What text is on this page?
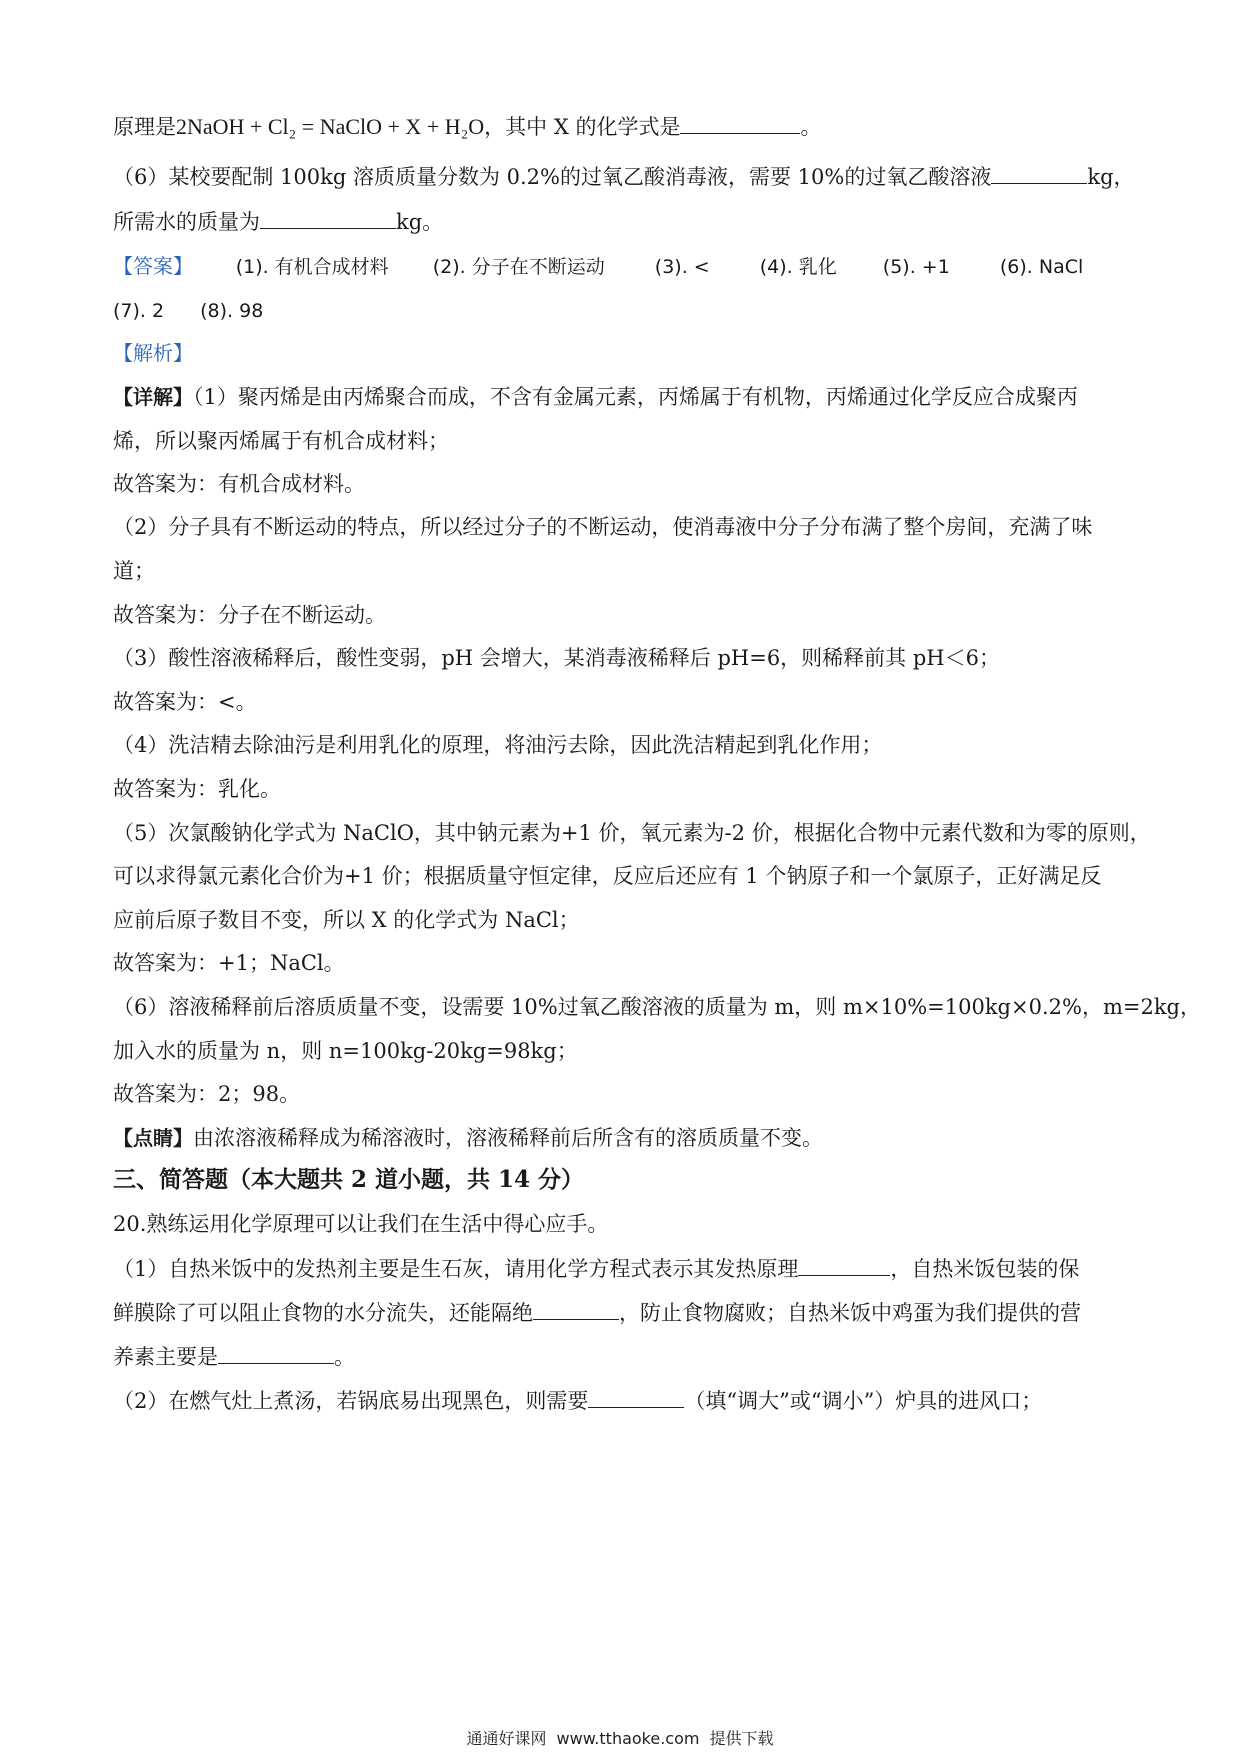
原理是2NaOH + Cl₂ = NaClO + X + H₂O，其中 X 的化学式是	。
（6）某校要配制 100kg 溶质质量分数为 0.2%的过氧乙酸消毒液，需要 10%的过氧乙酸溶液	kg，
所需水的质量为	kg。
【答案】 (1). 有机合成材料 (2). 分子在不断运动	(3). <	(4). 乳化 (5). +1	(6). NaCl
(7). 2 (8). 98
【解析】
【详解】（1）聚丙烯是由丙烯聚合而成，不含有金属元素，丙烯属于有机物，丙烯通过化学反应合成聚丙
烯，所以聚丙烯属于有机合成材料；
故答案为：有机合成材料。
（2）分子具有不断运动的特点，所以经过分子的不断运动，使消毒液中分子分布满了整个房间，充满了味
道；
故答案为：分子在不断运动。
（3）酸性溶液稀释后，酸性变弱，pH 会增大，某消毒液稀释后 pH=6，则稀释前其 pH＜6；
故答案为：<。
（4）洗洁精去除油污是利用乳化的原理，将油污去除，因此洗洁精起到乳化作用；
故答案为：乳化。
（5）次氯酸钠化学式为 NaClO，其中钠元素为+1 价，氧元素为-2 价，根据化合物中元素代数和为零的原则，
可以求得氯元素化合价为+1 价；根据质量守恒定律，反应后还应有 1 个钠原子和一个氯原子，正好满足反
应前后原子数目不变，所以 X 的化学式为 NaCl；
故答案为：+1；NaCl。
（6）溶液稀释前后溶质质量不变，设需要 10%过氧乙酸溶液的质量为 m，则 m×10%=100kg×0.2%，m=2kg，
加入水的质量为 n，则 n=100kg-20kg=98kg；
故答案为：2；98。
【点睛】由浓溶液稀释成为稀溶液时，溶液稀释前后所含有的溶质质量不变。
三、简答题（本大题共 2 道小题，共 14 分）
20.熟练运用化学原理可以让我们在生活中得心应手。
（1）自热米饭中的发热剂主要是生石灰，请用化学方程式表示其发热原理	，自热米饭包装的保
鲜膜除了可以阻止食物的水分流失，还能隔绝	，防止食物腐败；自热米饭中鸡蛋为我们提供的营
养素主要是	。
（2）在燃气灶上煮汤，若锅底易出现黑色，则需要	（填“调大”或“调小”）炉具的进风口；
通通好课网 www.tthaoke.com 提供下载
